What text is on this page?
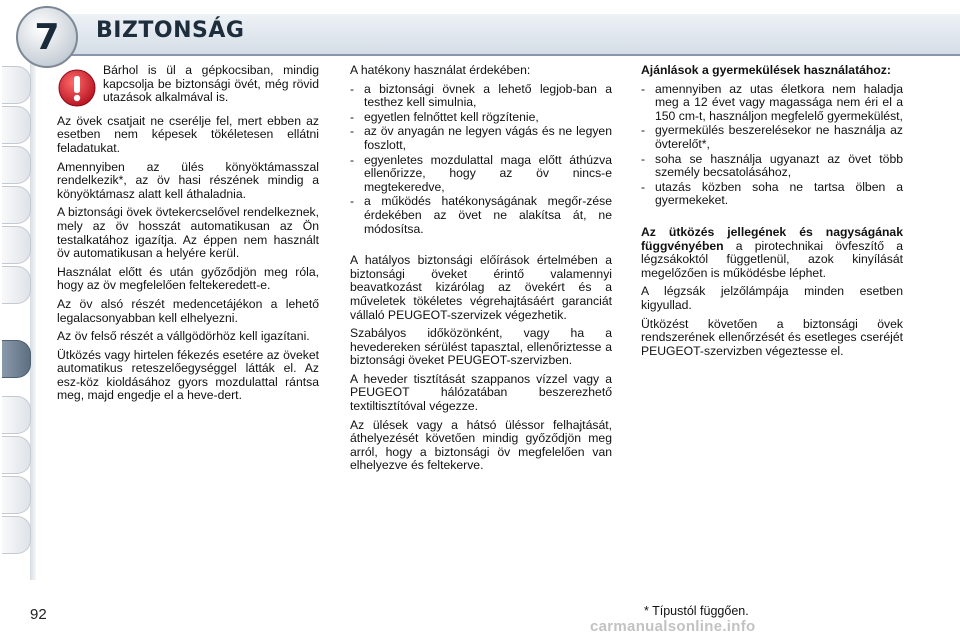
7 BIZTONSÁG

Bárhol is ül a gépkocsiban, mindig kapcsolja be biztonsági övét, még rövid utazások alkalmával is.

Az övek csatjait ne cserélje fel, mert ebben az esetben nem képesek tökéletesen ellátni feladatukat.

Amennyiben az ülés könyöktámasszal rendelkezik*, az öv hasi részének mindig a könyöktámasz alatt kell áthaladnia.

A biztonsági övek övtekercselővel rendelkeznek, mely az öv hosszát automatikusan az Ön testalkatához igazítja. Az éppen nem használt öv automatikusan a helyére kerül.

Használat előtt és után győződjön meg róla, hogy az öv megfelelően feltekeredett-e.

Az öv alsó részét medencetájékon a lehető legalacsonyabban kell elhelyezni.

Az öv felső részét a vállgödörhöz kell igazítani.

Ütközés vagy hirtelen fékezés esetére az öveket automatikus reteszelőegységgel látták el. Az esz-köz kioldásához gyors mozdulattal rántsa meg, majd engedje el a heve-dert.

A hatékony használat érdekében:

- a biztonsági övnek a lehető legjob-ban a testhez kell simulnia,
- egyetlen felnőttet kell rögzítenie,
- az öv anyagán ne legyen vágás és ne legyen foszlott,
- egyenletes mozdulattal maga előtt áthúzva ellenőrizze, hogy az öv nincs-e megtekeredve,
- a működés hatékonyságának megőr-zése érdekében az övet ne alakítsa át, ne módosítsa.

A hatályos biztonsági előírások értelmében a biztonsági öveket érintő valamennyi beavatkozást kizárólag az övekért és a műveletek tökéletes végrehajtásáért garanciát vállaló PEUGEOT-szervizek végezhetik.

Szabályos időközönként, vagy ha a hevedereken sérülést tapasztal, ellenőriztesse a biztonsági öveket PEUGEOT-szervizben.

A heveder tisztítását szappanos vízzel vagy a PEUGEOT hálózatában beszerezhető textiltisztítóval végezze.

Az ülések vagy a hátsó üléssor felhajtását, áthelyezését követően mindig győződjön meg arról, hogy a biztonsági öv megfelelően van elhelyezve és feltekerve.

Ajánlások a gyermekülések használatához:

- amennyiben az utas életkora nem haladja meg a 12 évet vagy magassága nem éri el a 150 cm-t, használjon megfelelő gyermekülést,
- gyermekülés beszerelésekor ne használja az övterelőt*,
- soha se használja ugyanazt az övet több személy becsatolásához,
- utazás közben soha ne tartsa ölben a gyermekeket.

Az ütközés jellegének és nagyságának függvényében a pirotechnikai övfeszítő a légzsákoktól függetlenül, azok kinyílását megelőzően is működésbe léphet.

A légzsák jelzőlámpája minden esetben kigyullad.

Ütközést követően a biztonsági övek rendszerének ellenőrzését és esetleges cseréjét PEUGEOT-szervizben végeztesse el.

92	* Típustól függően.
carmanualsonline.info
